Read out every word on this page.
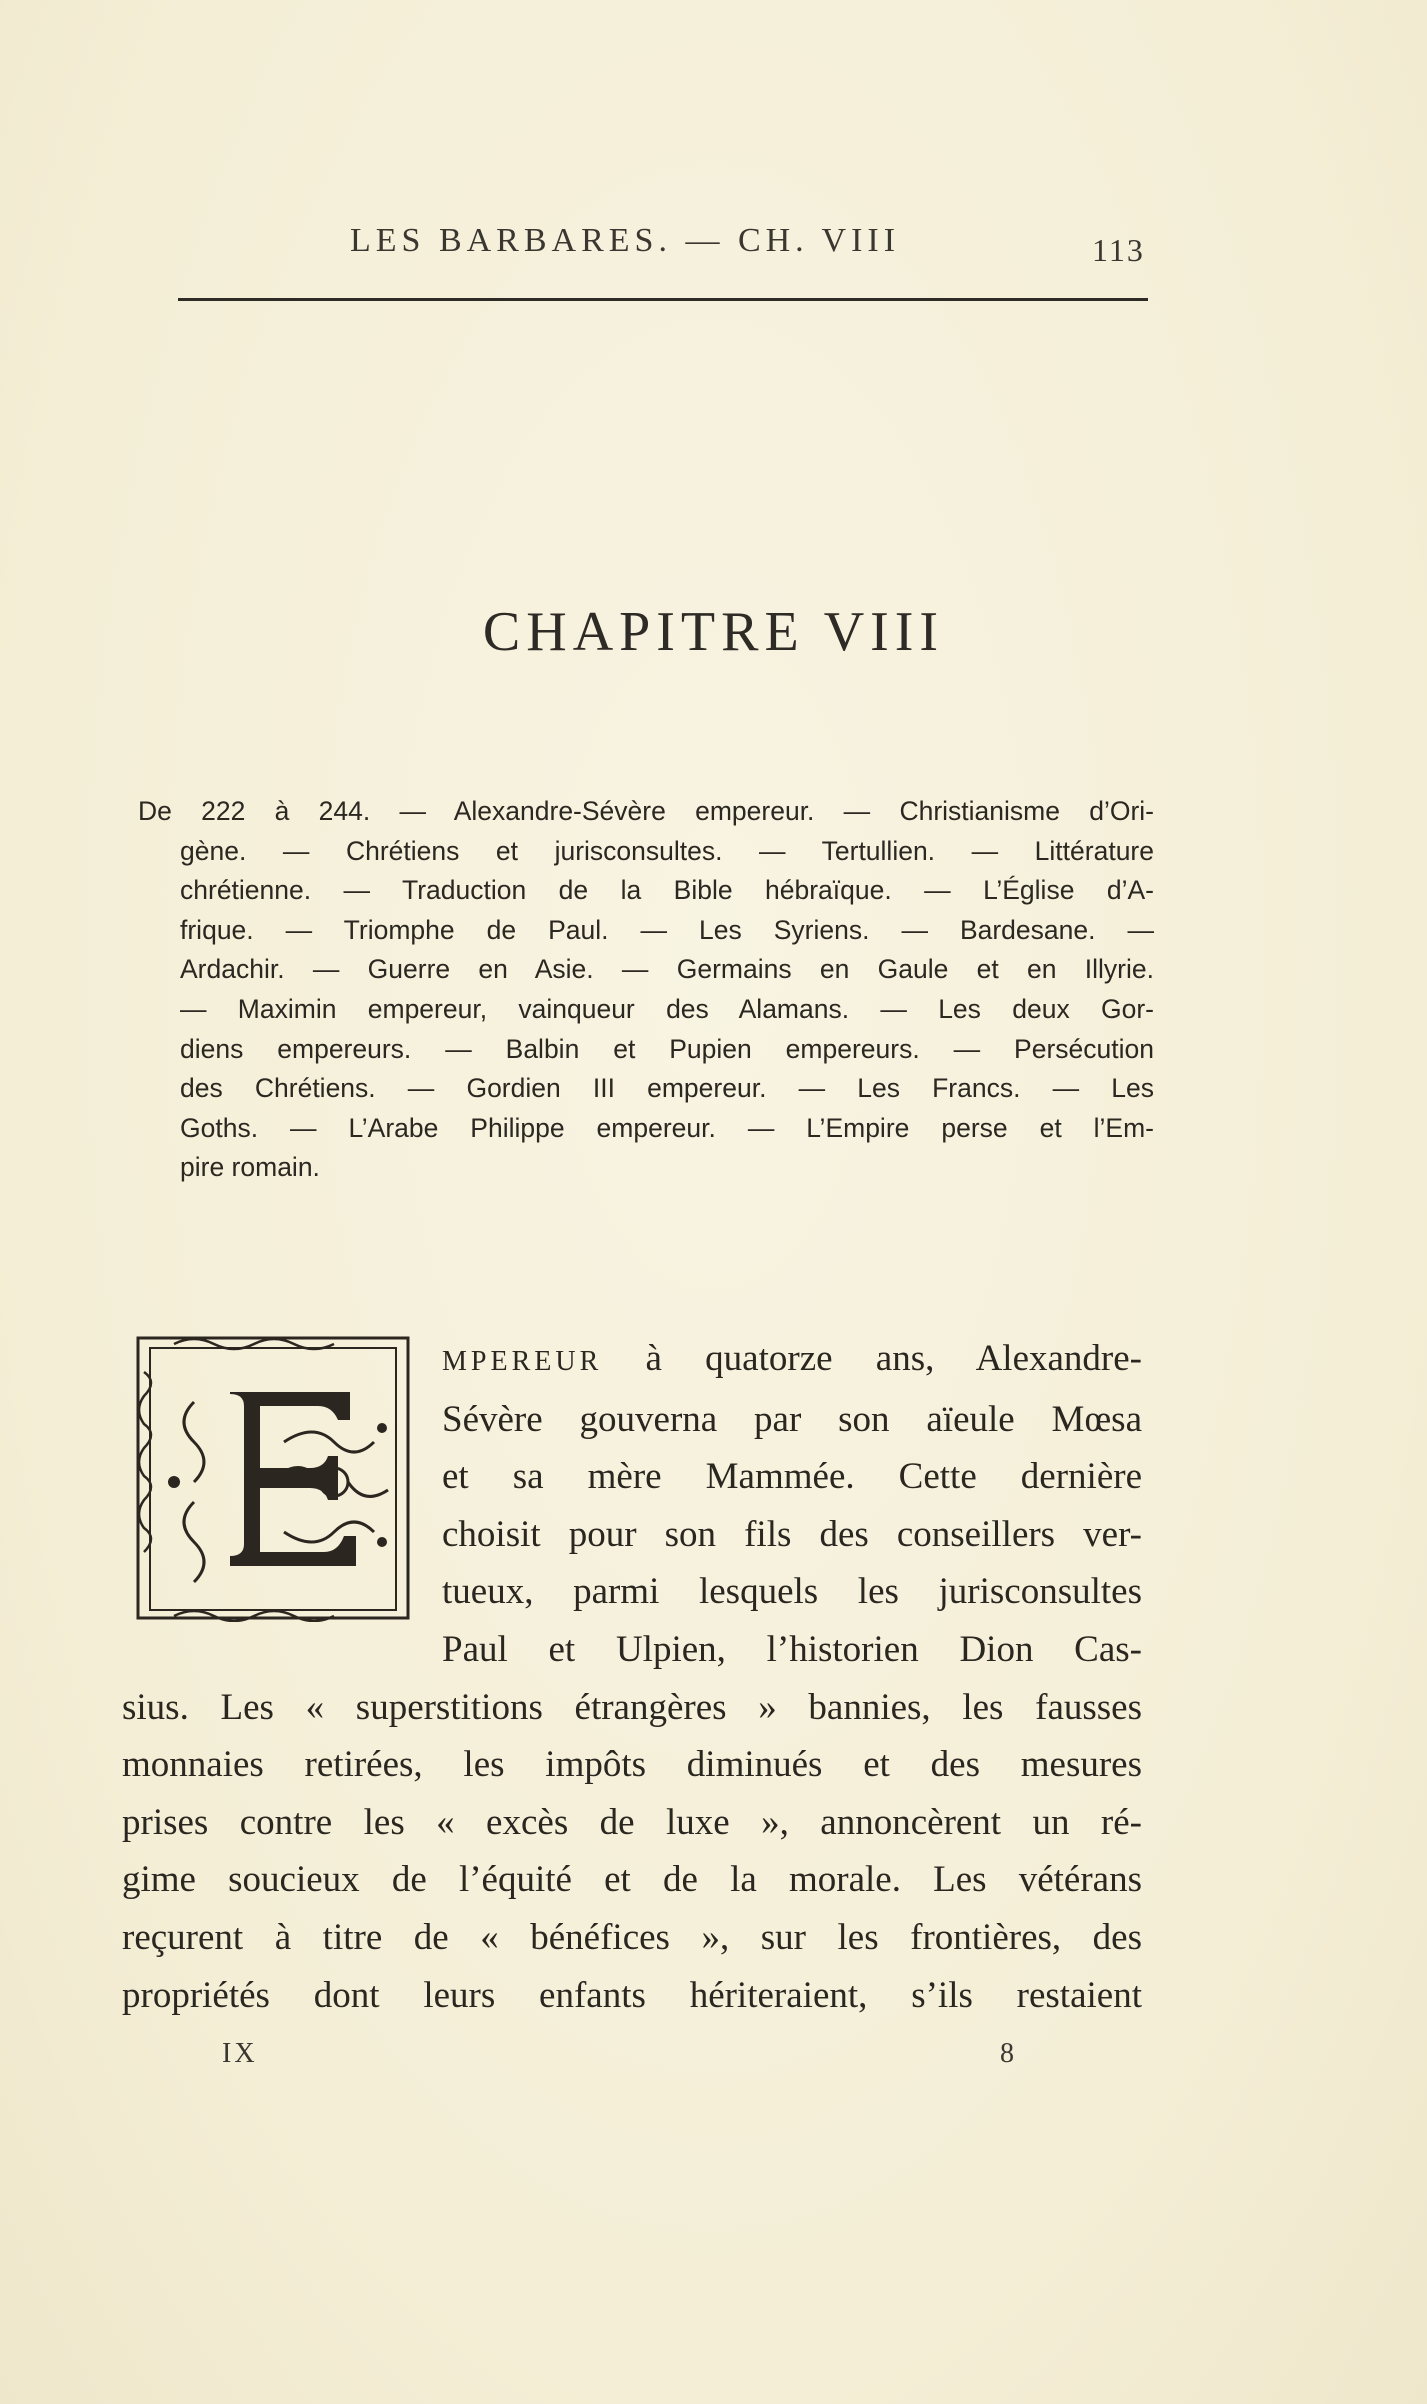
LES BARBARES. — CH. VIII	113
CHAPITRE VIII
De 222 à 244. — Alexandre-Sévère empereur. — Christianisme d’Ori-
gène. — Chrétiens et jurisconsultes. — Tertullien. — Littérature
chrétienne. — Traduction de la Bible hébraïque. — L’Église d’A-
frique. — Triomphe de Paul. — Les Syriens. — Bardesane. —
Ardachir. — Guerre en Asie. — Germains en Gaule et en Illyrie.
— Maximin empereur, vainqueur des Alamans. — Les deux Gor-
diens empereurs. — Balbin et Pupien empereurs. — Persécution
des Chrétiens. — Gordien III empereur. — Les Francs. — Les
Goths. — L’Arabe Philippe empereur. — L’Empire perse et l’Em-
pire romain.
MPEREUR à quatorze ans, Alexandre-
Sévère gouverna par son aïeule Mœsa
et sa mère Mammée. Cette dernière
choisit pour son fils des conseillers ver-
tueux, parmi lesquels les jurisconsultes
Paul et Ulpien, l’historien Dion Cas-
sius. Les « superstitions étrangères » bannies, les fausses
monnaies retirées, les impôts diminués et des mesures
prises contre les « excès de luxe », annoncèrent un ré-
gime soucieux de l’équité et de la morale. Les vétérans
reçurent à titre de « bénéfices », sur les frontières, des
propriétés dont leurs enfants hériteraient, s’ils restaient
IX	8
